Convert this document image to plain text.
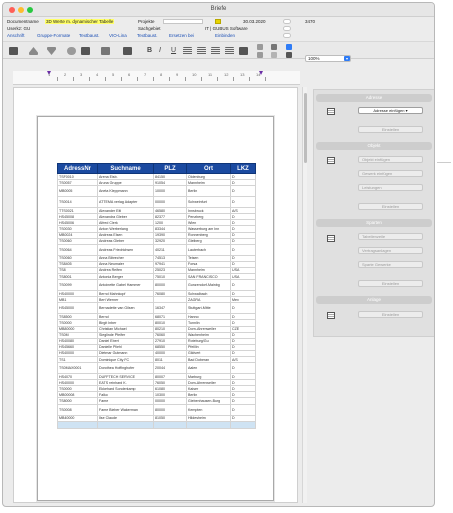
Briefe
Documentname 3D Werte m. dynamischer Tabelle	Projekte	30.03.2020	3470
Userkz: GU	Sachgebiet	IT | GUBUS Software
Anschrift	Gruppe-Formate Textbaust. VIO-Lina Textbaust.	Ersetzen bei	Einbinden
B I U
100%	▾
1	2	3	4	5	6	7	8	9	10	11	12	13	14
AdressNr	Suchname	PLZ	Ort	LKZ
TSF0010	Arena Eisb.	84150	Oldenburg	D
TS0057	Aruna Gruppe	91054	Mannheim	D
MB0005	Aneta Kleppmann	10000	Berlin	D
TS0014	ATTEMA verlag Adapter	00000	Schweinfurt	D
TTS0021	Alexander Eitl	46580	Innsbruck	A/S
HS45008	Alexandra Gleber	82377	Penzberg	D
HS45006	Alfred Clerk	1200	Wien	D
TS0030	Anton Werberlang	83344	Wasserburg am Inn	D
MB0024	Andreas Elsen	19390	Ronnenberg	D
TS0060	Andreas Gleber	32920	Gleiberg	D
TS0064	Andreas Friedrichsen	40211	Lauterbach	D
TS0060	Anna Bibrecher	74513	Teisen	D
TS8405	Anna Neumaier	97941	Forsa	D
TS8	Andrea Reifen	25023	Mannheim	USA
TS8001	Antonia Berger	75010	SAN FRANCISCO	USA
TS0099	Antoinette Gabel Hammer	80000	Gunzendorf-Mainbg	D
HS40000	Bernd Mahnkopf	76080	Schwalbach	D
MB1	Bert Werner		ZAGRA	Mex
HS45000	Bernadette van Gilsen	16347	Stuttgart-Mitte	D
TS8500	Bernd	68071	Hanno	D
TS0000	Birgit Inber	80010	Tunnlin	D
MB80000	Christian Michael	80210	Dorn-Ahrenweiler	CZE
TS0M	Sieglinde Pfeifer	76060	Wachenheim	D
HS40080	Daniel Ebert	27910	Roteburg/Gu	D
HS45660	Danielle Pliehl	68550	Pfeillin	D
HS40000	Dietmar Gutmann	40000	Gildvert	D
TS1	Dominique City FC	8011	Bad Doberan	A/S
TS0MAX0001	Dorothea Hoffinghofer	20044	Aalen	D
HS4070	DUFFTECH SERVICE	80007	Marburg	D
HS40000	EATS reinhard K.	76050	Dom-Ahrenweiler	D
TS0000	Ekkehard Sonderkamp	61080	Kaiser	D
MB00008	Falko	10300	Berlin	D
TS8000	Fame	00000	Giebenhausen-Burg	D
TS0008	Fame Bieber Wakerman	80000	Kempten	D
MB40000	Ilse Claude	81050	Hildesheim	D

Adresse
Adresse einfügen ▾
Einstellen
Objekt
Objekt einfügen
Gewerk einfügen
Leistungen
Einstellen
Sparten
Tabellenzeile
Vertragsanlagen
Sparte Gewerke
Einstellen
Anlage
Einstellen
